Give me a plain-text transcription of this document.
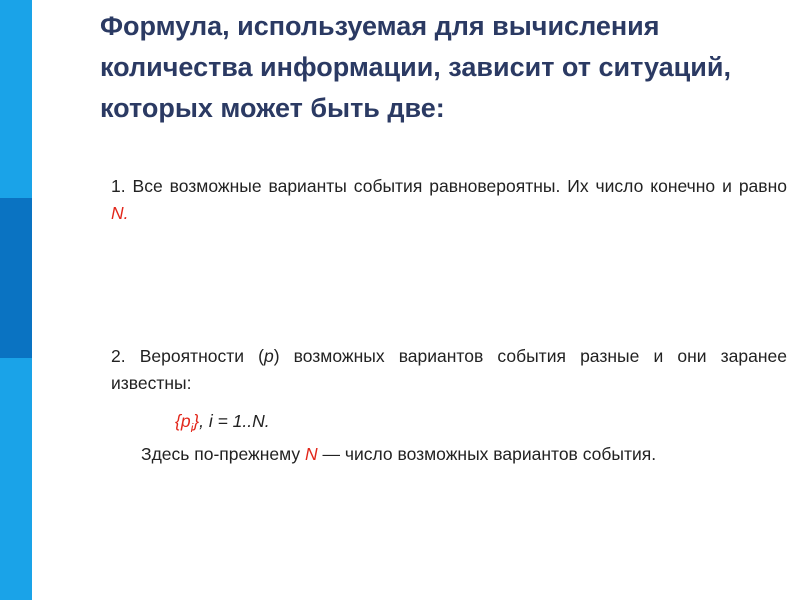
Формула, используемая для вычисления количества информации, зависит от ситуаций, которых может быть две:

1. Все возможные варианты события равновероятны. Их число конечно и равно N.

2. Вероятности (p) возможных вариантов события разные и они заранее известны:

$\{p_i\}$, i = 1..N.

Здесь по-прежнему N — число возможных вариантов события.
